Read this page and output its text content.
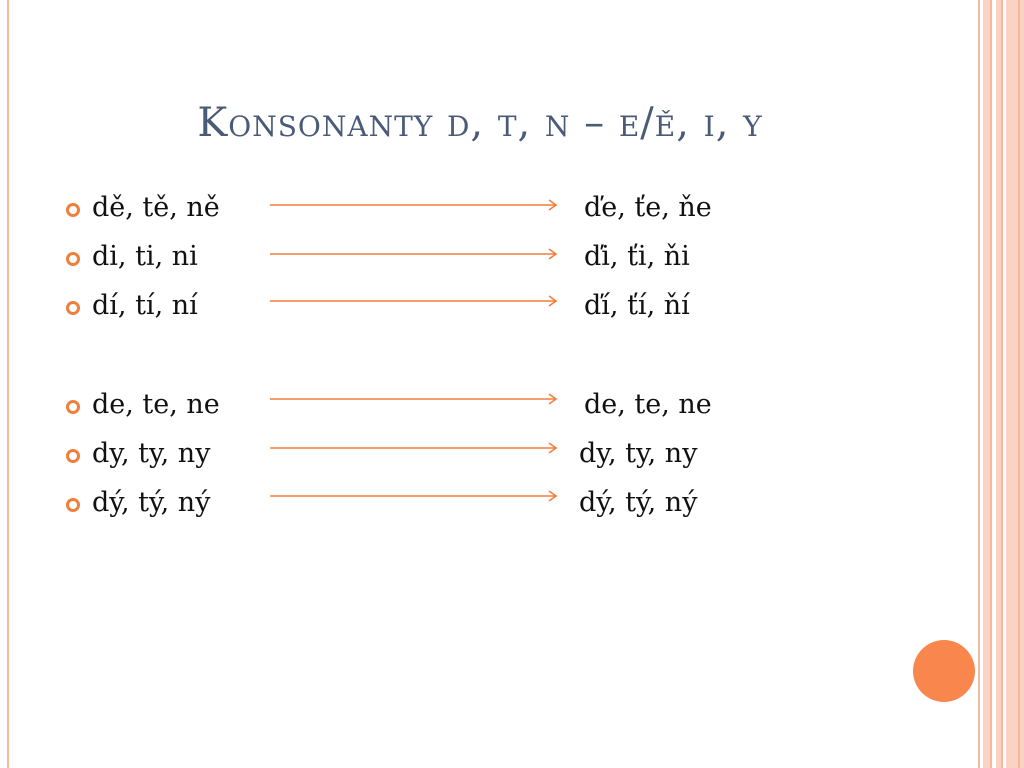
Konsonanty d, t, n – e/ě, i, y
dě, tě, ně	ďe, ťe, ňe
di, ti, ni	ďi, ťi, ňi
dí, tí, ní	ďí, ťí, ňí
de, te, ne	de, te, ne
dy, ty, ny	dy, ty, ny
dý, tý, ný	dý, tý, ný
